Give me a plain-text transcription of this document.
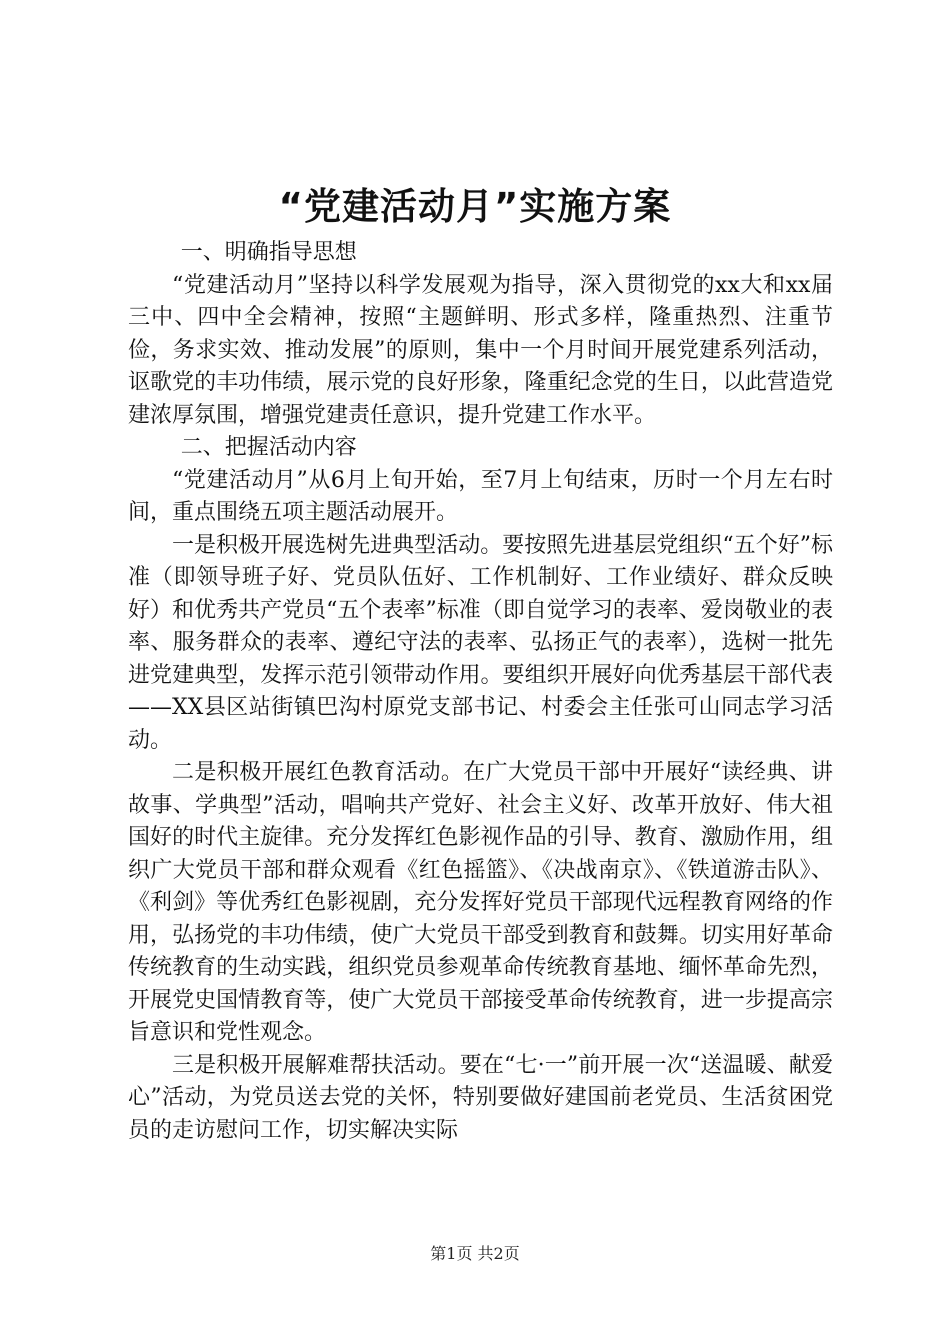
“党建活动月”实施方案

一、明确指导思想

“党建活动月”坚持以科学发展观为指导，深入贯彻党的xx大和xx届三中、四中全会精神，按照“主题鲜明、形式多样，隆重热烈、注重节俭，务求实效、推动发展”的原则，集中一个月时间开展党建系列活动，讴歌党的丰功伟绩，展示党的良好形象，隆重纪念党的生日，以此营造党建浓厚氛围，增强党建责任意识，提升党建工作水平。

二、把握活动内容

“党建活动月”从6月上旬开始，至7月上旬结束，历时一个月左右时间，重点围绕五项主题活动展开。

一是积极开展选树先进典型活动。要按照先进基层党组织“五个好”标准（即领导班子好、党员队伍好、工作机制好、工作业绩好、群众反映好）和优秀共产党员“五个表率”标准（即自觉学习的表率、爱岗敬业的表率、服务群众的表率、遵纪守法的表率、弘扬正气的表率），选树一批先进党建典型，发挥示范引领带动作用。要组织开展好向优秀基层干部代表——XX县区站街镇巴沟村原党支部书记、村委会主任张可山同志学习活动。

二是积极开展红色教育活动。在广大党员干部中开展好“读经典、讲故事、学典型”活动，唱响共产党好、社会主义好、改革开放好、伟大祖国好的时代主旋律。充分发挥红色影视作品的引导、教育、激励作用，组织广大党员干部和群众观看《红色摇篮》、《决战南京》、《铁道游击队》、《利剑》等优秀红色影视剧，充分发挥好党员干部现代远程教育网络的作用，弘扬党的丰功伟绩，使广大党员干部受到教育和鼓舞。切实用好革命传统教育的生动实践，组织党员参观革命传统教育基地、缅怀革命先烈，开展党史国情教育等，使广大党员干部接受革命传统教育，进一步提高宗旨意识和党性观念。

三是积极开展解难帮扶活动。要在“七·一”前开展一次“送温暖、献爱心”活动，为党员送去党的关怀，特别要做好建国前老党员、生活贫困党员的走访慰问工作，切实解决实际

第1页 共2页
